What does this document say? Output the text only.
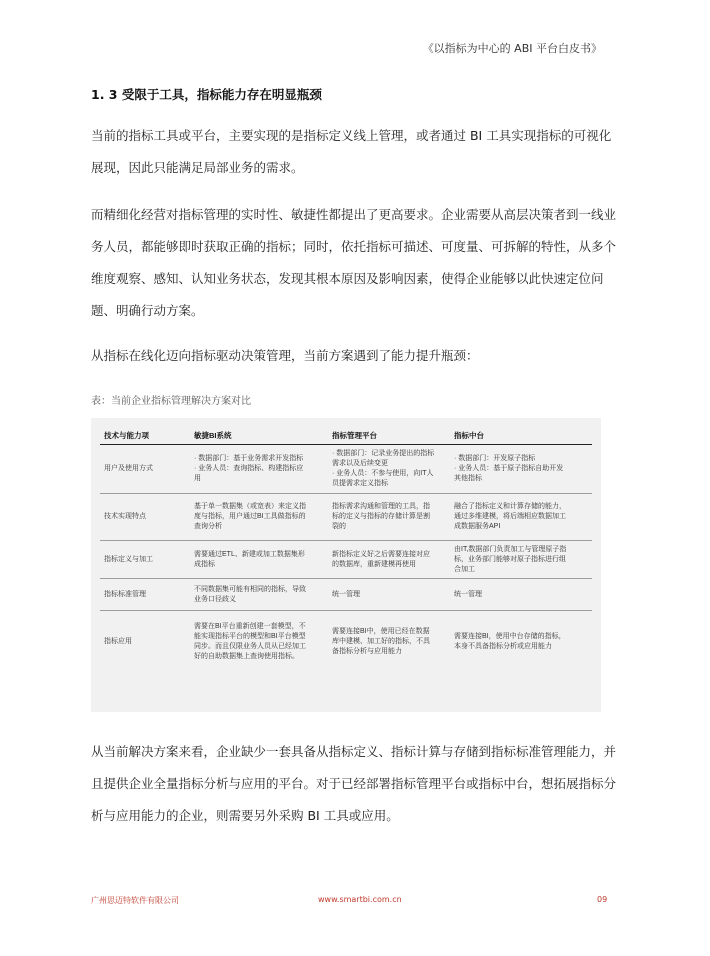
《以指标为中心的 ABI 平台白皮书》
1. 3 受限于工具，指标能力存在明显瓶颈

当前的指标工具或平台，主要实现的是指标定义线上管理，或者通过 BI 工具实现指标的可视化
展现，因此只能满足局部业务的需求。

而精细化经营对指标管理的实时性、敏捷性都提出了更高要求。企业需要从高层决策者到一线业
务人员，都能够即时获取正确的指标；同时，依托指标可描述、可度量、可拆解的特性，从多个
维度观察、感知、认知业务状态，发现其根本原因及影响因素，使得企业能够以此快速定位问
题、明确行动方案。

从指标在线化迈向指标驱动决策管理，当前方案遇到了能力提升瓶颈：

表：当前企业指标管理解决方案对比
技术与能力项	敏捷BI系统	指标管理平台	指标中台
用户及使用方式	· 数据部门：基于业务需求开发指标
· 业务人员：查询指标、构建指标应
用	· 数据部门：记录业务提出的指标
需求以及后续变更
· 业务人员：不参与使用，向IT人
员提需求定义指标	· 数据部门：开发原子指标
· 业务人员：基于原子指标自助开发
其他指标

技术实现特点	基于单一数据集（或宽表）来定义指
度与指标，用户通过BI工具做指标的
查询分析	指标需求沟通和管理的工具，指
标的定义与指标的存储计算是割
裂的	融合了指标定义和计算存储的能力，
通过多维建模，将后端相应数据加工
成数据服务API

指标定义与加工	需要通过ETL、新建或加工数据集形
成指标	新指标定义好之后需要连接对应
的数据库，重新建模再使用	由IT,数据部门负责加工与管理原子指
标，业务部门能够对原子指标进行组
合加工

指标标准管理	不同数据集可能有相同的指标，导致
业务口径歧义	统一管理	统一管理

指标应用	需要在BI平台重新创建一套模型，不
能实现指标平台的模型和BI平台模型
同步。而且仅限业务人员从已经加工
好的自助数据集上查询使用指标。	需要连接BI中，使用已经在数据
库中建模、加工好的指标，不具
备指标分析与应用能力	需要连接BI，使用中台存储的指标，
本身不具备指标分析或应用能力

从当前解决方案来看，企业缺少一套具备从指标定义、指标计算与存储到指标标准管理能力，并
且提供企业全量指标分析与应用的平台。对于已经部署指标管理平台或指标中台，想拓展指标分
析与应用能力的企业，则需要另外采购 BI 工具或应用。

广州思迈特软件有限公司	www.smartbi.com.cn	09
